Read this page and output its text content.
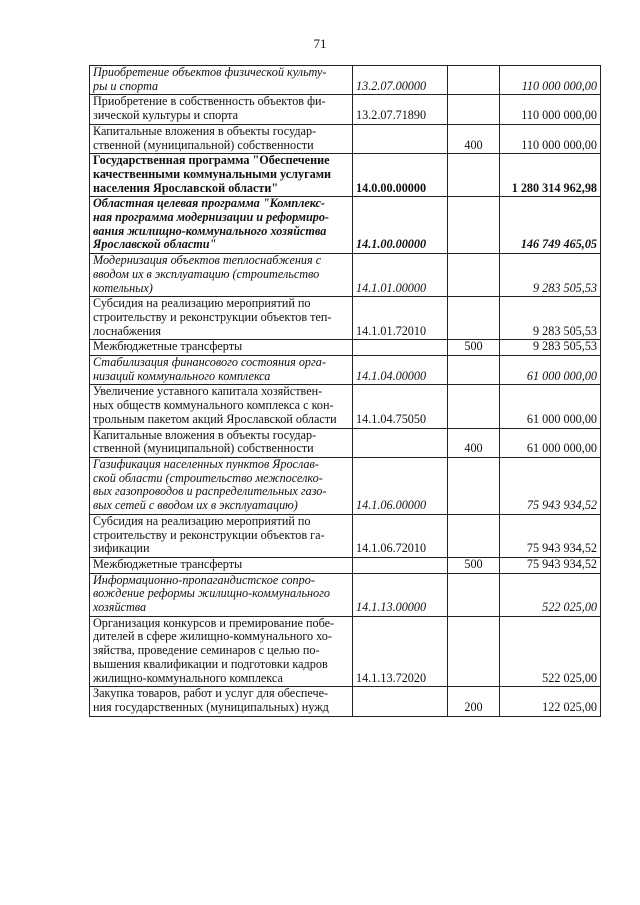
71
Приобретение объектов физической культу-
ры и спорта	13.2.07.00000		110 000 000,00

Приобретение в собственность объектов фи-
зической культуры и спорта	13.2.07.71890		110 000 000,00

Капитальные вложения в объекты государ-
ственной (муниципальной) собственности		400	110 000 000,00

Государственная программа "Обеспечение
качественными коммунальными услугами
населения Ярославской области"	14.0.00.00000		1 280 314 962,98

Областная целевая программа "Комплекс-
ная программа модернизации и реформиро-
вания жилищно-коммунального хозяйства
Ярославской области"	14.1.00.00000		146 749 465,05

Модернизация объектов теплоснабжения с
вводом их в эксплуатацию (строительство
котельных)	14.1.01.00000		9 283 505,53

Субсидия на реализацию мероприятий по
строительству и реконструкции объектов теп-
лоснабжения	14.1.01.72010		9 283 505,53

Межбюджетные трансферты		500	9 283 505,53

Стабилизация финансового состояния орга-
низаций коммунального комплекса	14.1.04.00000		61 000 000,00

Увеличение уставного капитала хозяйствен-
ных обществ коммунального комплекса с кон-
трольным пакетом акций Ярославской области	14.1.04.75050		61 000 000,00

Капитальные вложения в объекты государ-
ственной (муниципальной) собственности		400	61 000 000,00

Газификация населенных пунктов Ярослав-
ской области (строительство межпоселко-
вых газопроводов и распределительных газо-
вых сетей с вводом их в эксплуатацию)	14.1.06.00000		75 943 934,52

Субсидия на реализацию мероприятий по
строительству и реконструкции объектов га-
зификации	14.1.06.72010		75 943 934,52

Межбюджетные трансферты		500	75 943 934,52

Информационно-пропагандистское сопро-
вождение реформы жилищно-коммунального
хозяйства	14.1.13.00000		522 025,00

Организация конкурсов и премирование побе-
дителей в сфере жилищно-коммунального хо-
зяйства, проведение семинаров с целью по-
вышения квалификации и подготовки кадров
жилищно-коммунального комплекса	14.1.13.72020		522 025,00

Закупка товаров, работ и услуг для обеспече-
ния государственных (муниципальных) нужд		200	122 025,00
